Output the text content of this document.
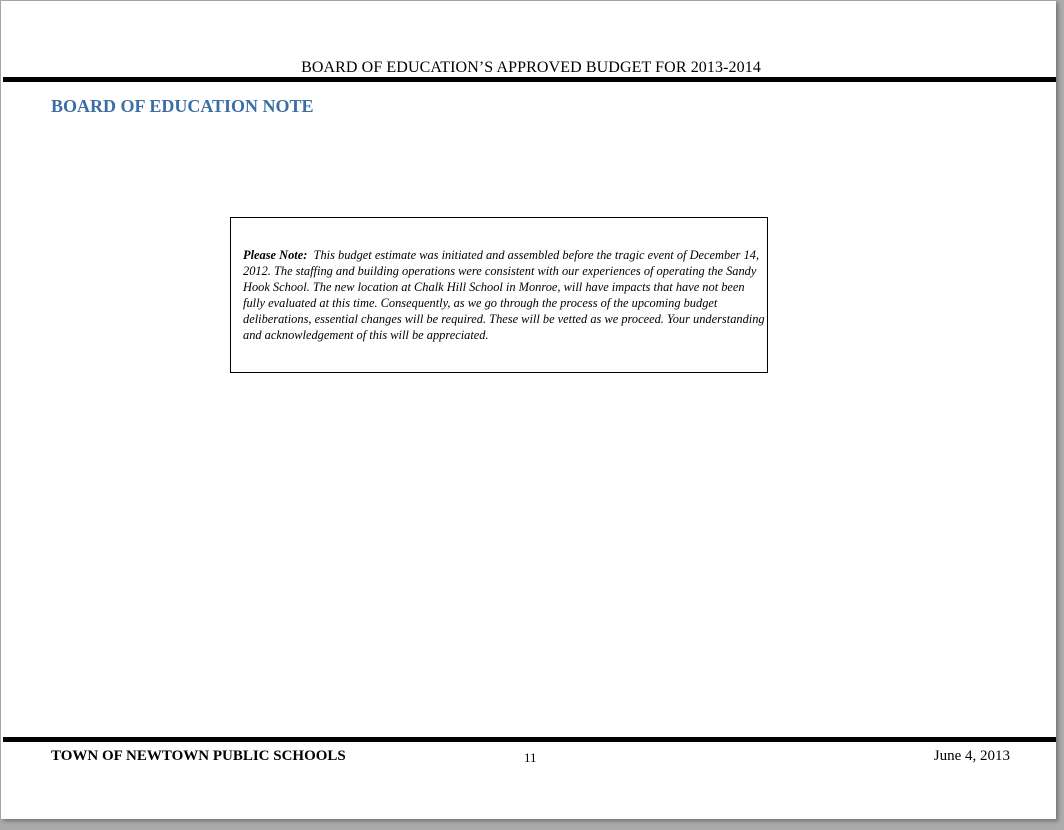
BOARD OF EDUCATION’S APPROVED BUDGET FOR 2013-2014
BOARD OF EDUCATION NOTE
Please Note: This budget estimate was initiated and assembled before the tragic event of December 14, 2012. The staffing and building operations were consistent with our experiences of operating the Sandy Hook School. The new location at Chalk Hill School in Monroe, will have impacts that have not been fully evaluated at this time. Consequently, as we go through the process of the upcoming budget deliberations, essential changes will be required. These will be vetted as we proceed. Your understanding and acknowledgement of this will be appreciated.
TOWN OF NEWTOWN PUBLIC SCHOOLS	11	June 4, 2013
